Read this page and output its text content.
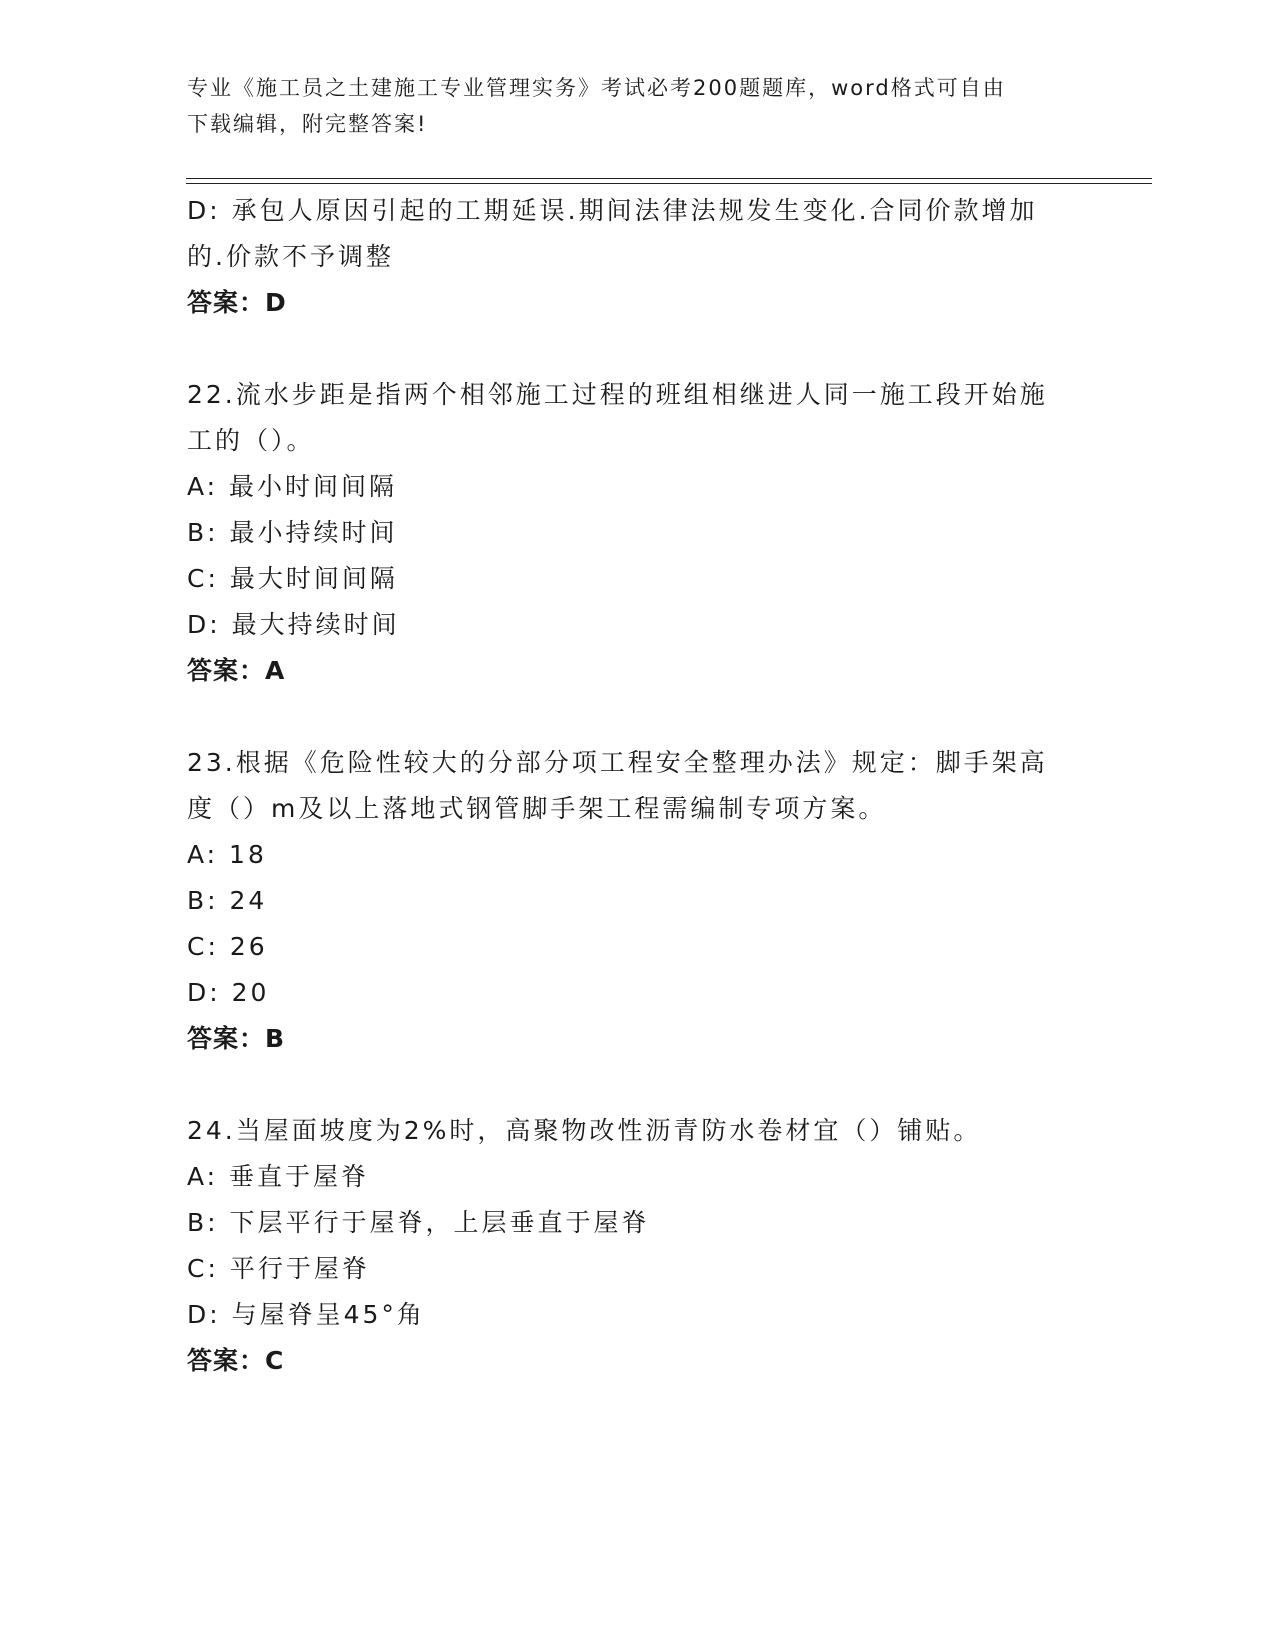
专业《施工员之土建施工专业管理实务》考试必考200题题库，word格式可自由
下载编辑，附完整答案!
D: 承包人原因引起的工期延误.期间法律法规发生变化.合同价款增加
的.价款不予调整
答案：D
22.流水步距是指两个相邻施工过程的班组相继进人同一施工段开始施
工的（）。
A: 最小时间间隔
B: 最小持续时间
C: 最大时间间隔
D: 最大持续时间
答案：A
23.根据《危险性较大的分部分项工程安全整理办法》规定：脚手架高
度（）m及以上落地式钢管脚手架工程需编制专项方案。
A: 18
B: 24
C: 26
D: 20
答案：B
24.当屋面坡度为2%时，高聚物改性沥青防水卷材宜（）铺贴。
A: 垂直于屋脊
B: 下层平行于屋脊，上层垂直于屋脊
C: 平行于屋脊
D: 与屋脊呈45°角
答案：C
